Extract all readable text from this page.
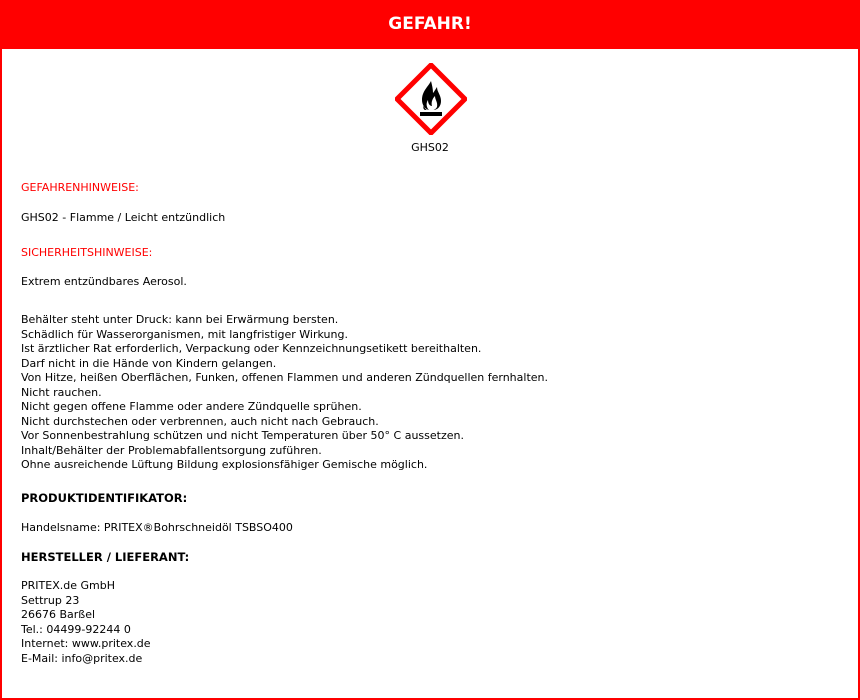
GEFAHR!
GHS02
GEFAHRENHINWEISE:
GHS02 - Flamme / Leicht entzündlich
SICHERHEITSHINWEISE:
Extrem entzündbares Aerosol.
Behälter steht unter Druck: kann bei Erwärmung bersten.
Schädlich für Wasserorganismen, mit langfristiger Wirkung.
Ist ärztlicher Rat erforderlich, Verpackung oder Kennzeichnungsetikett bereithalten.
Darf nicht in die Hände von Kindern gelangen.
Von Hitze, heißen Oberflächen, Funken, offenen Flammen und anderen Zündquellen fernhalten.
Nicht rauchen.
Nicht gegen offene Flamme oder andere Zündquelle sprühen.
Nicht durchstechen oder verbrennen, auch nicht nach Gebrauch.
Vor Sonnenbestrahlung schützen und nicht Temperaturen über 50° C aussetzen.
Inhalt/Behälter der Problemabfallentsorgung zuführen.
Ohne ausreichende Lüftung Bildung explosionsfähiger Gemische möglich.
PRODUKTIDENTIFIKATOR:
Handelsname: PRITEX®Bohrschneidöl TSBSO400
HERSTELLER / LIEFERANT:
PRITEX.de GmbH
Settrup 23
26676 Barßel
Tel.: 04499-92244 0
Internet: www.pritex.de
E-Mail: info@pritex.de
